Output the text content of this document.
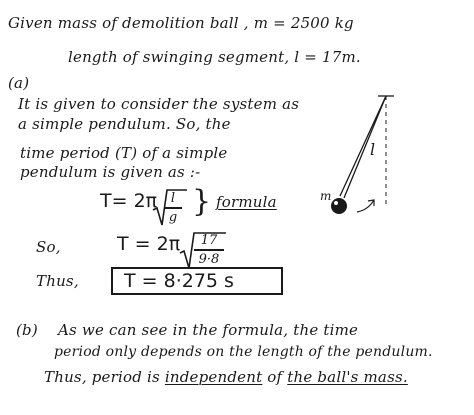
Given mass of demolition ball , m = 2500 kg
length of swinging segment, l = 17m.
(a)
It is given to consider the system as
a simple pendulum. So, the
time period (T) of a simple
pendulum is given as :-
T= 2π l
g } formula
So,	T = 2π 17
9·8
Thus, T = 8·275 s
l
m
(b) As we can see in the formula, the time
period only depends on the length of the pendulum.
Thus, period is independent of the ball's mass.
